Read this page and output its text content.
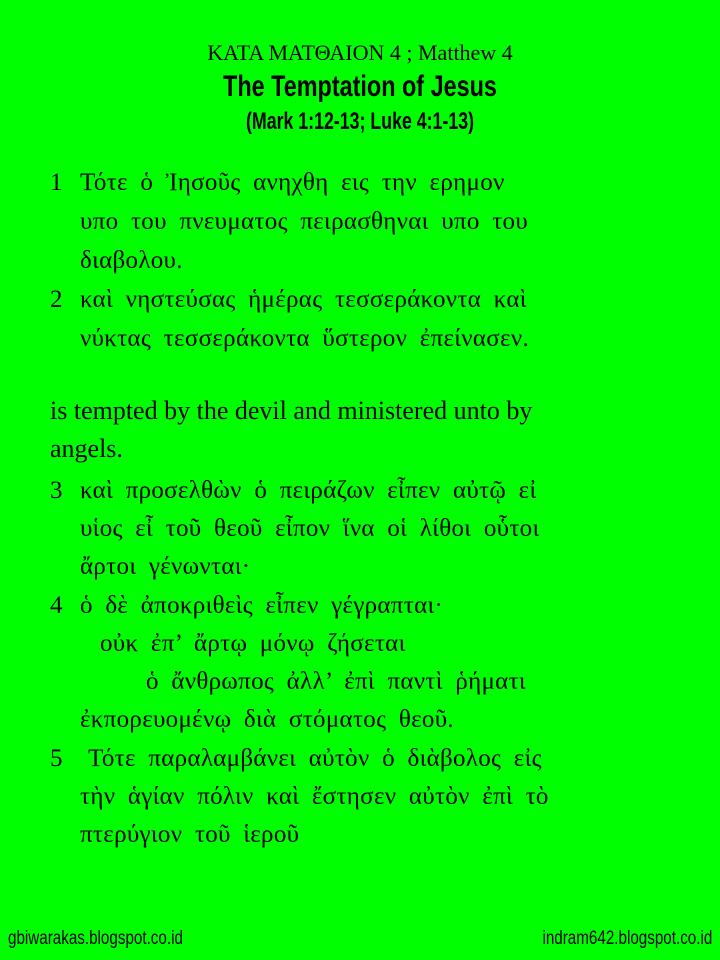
ΚΑΤΑ ΜΑΤΘΑΙΟΝ 4 ; Matthew 4
The Temptation of Jesus
(Mark 1:12-13; Luke 4:1-13)
1 Τότε ὁ Ἰησοῦς ανηχθη εις την ερημον
υπο του πνευματος πειρασθηναι υπο του
διαβολου.
2 καὶ νηστεύσας ἡμέρας τεσσεράκοντα καὶ
νύκτας τεσσεράκοντα ὕστερον ἐπείνασεν.
is tempted by the devil and ministered unto by
angels.
3 καὶ προσελθὼν ὁ πειράζων εἶπεν αὐτῷ εἰ
υἱος εἶ τοῦ θεοῦ εἶπον ἵνα οἱ λίθοι οὗτοι
ἄρτοι γένωνται·
4 ὁ δὲ ἀποκριθεὶς εἶπεν γέγραπται·
οὐκ ἐπ’ ἄρτῳ μόνῳ ζήσεται
ὁ ἄνθρωπος ἀλλ’ ἐπὶ παντὶ ῥήματι
ἐκπορευομένῳ διὰ στόματος θεοῦ.
5 Τότε παραλαμβάνει αὐτὸν ὁ διὰβολος εἰς
τὴν ἁγίαν πόλιν καὶ ἔστησεν αὐτὸν ἐπὶ τὸ
πτερύγιον τοῦ ἱεροῦ
gbiwarakas.blogspot.co.id	indram642.blogspot.co.id
